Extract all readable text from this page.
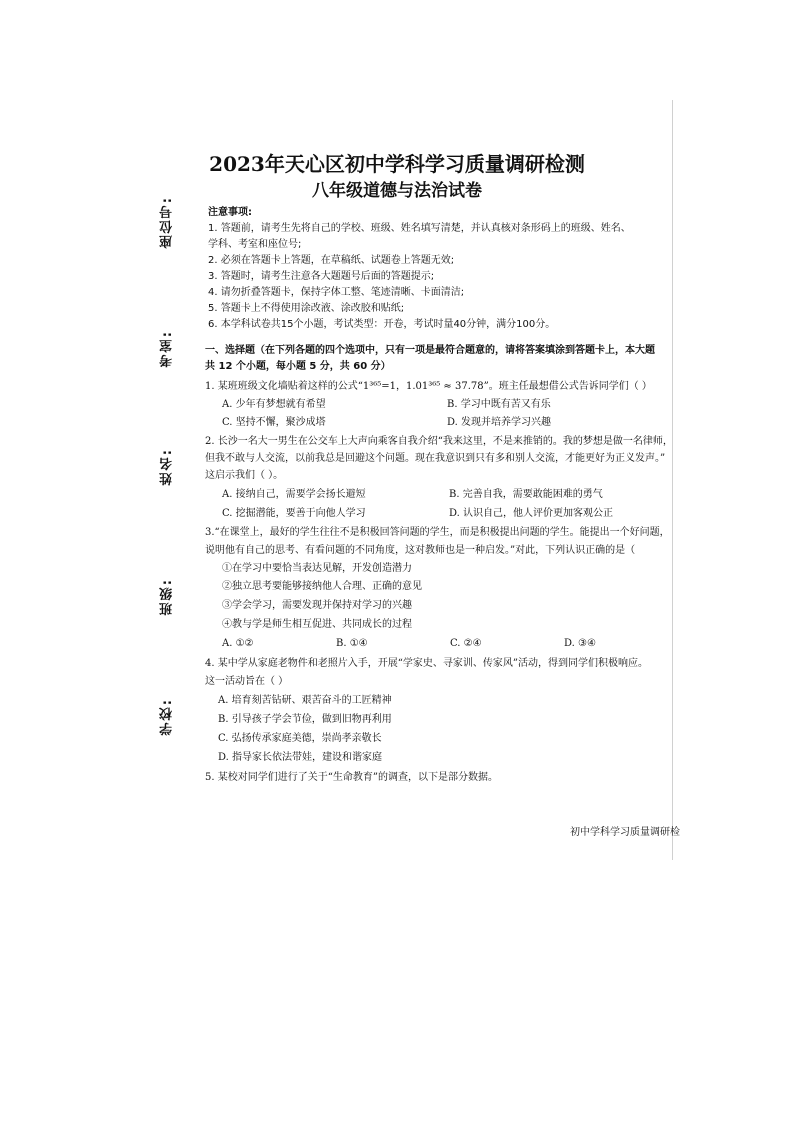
座位号:
考室:
姓名:
班级:
学校:
2023年天心区初中学科学习质量调研检测
八年级道德与法治试卷
注意事项:
1. 答题前，请考生先将自己的学校、班级、姓名填写清楚，并认真核对条形码上的班级、姓名、
学科、考室和座位号;
2. 必须在答题卡上答题，在草稿纸、试题卷上答题无效;
3. 答题时，请考生注意各大题题号后面的答题提示;
4. 请勿折叠答题卡，保持字体工整、笔迹清晰、卡面清洁;
5. 答题卡上不得使用涂改液、涂改胶和贴纸;
6. 本学科试卷共15个小题，考试类型：开卷，考试时量40分钟，满分100分。
一、选择题（在下列各题的四个选项中，只有一项是最符合题意的，请将答案填涂到答题卡上，本大题
共 12 个小题，每小题 5 分，共 60 分）
1. 某班班级文化墙贴着这样的公式“1³⁶⁵=1，1.01³⁶⁵ ≈ 37.78”。班主任最想借公式告诉同学们（ ）
A. 少年有梦想就有希望	B. 学习中既有苦又有乐
C. 坚持不懈，聚沙成塔	D. 发现并培养学习兴趣
2. 长沙一名大一男生在公交车上大声向乘客自我介绍“我来这里，不是来推销的。我的梦想是做一名律师，
但我不敢与人交流，以前我总是回避这个问题。现在我意识到只有多和别人交流，才能更好为正义发声。”
这启示我们（ ）。
A. 接纳自己，需要学会扬长避短	B. 完善自我，需要敢能困难的勇气
C. 挖掘潜能，要善于向他人学习	D. 认识自己，他人评价更加客观公正
3.“在课堂上，最好的学生往往不是积极回答问题的学生，而是积极提出问题的学生。能提出一个好问题，
说明他有自己的思考、有看问题的不同角度，这对教师也是一种启发。”对此，下列认识正确的是（
①在学习中要恰当表达见解，开发创造潜力
②独立思考要能够接纳他人合理、正确的意见
③学会学习，需要发现并保持对学习的兴趣
④教与学是师生相互促进、共同成长的过程
A. ①②	B. ①④	C. ②④	D. ③④
4. 某中学从家庭老物件和老照片入手，开展“学家史、寻家训、传家风”活动，得到同学们积极响应。
这一活动旨在（ ）
A. 培育刻苦钻研、艰苦奋斗的工匠精神
B. 引导孩子学会节俭，做到旧物再利用
C. 弘扬传承家庭美德，崇尚孝亲敬长
D. 指导家长依法带娃，建设和谐家庭
5. 某校对同学们进行了关于“生命教育”的调查，以下是部分数据。
初中学科学习质量调研检
